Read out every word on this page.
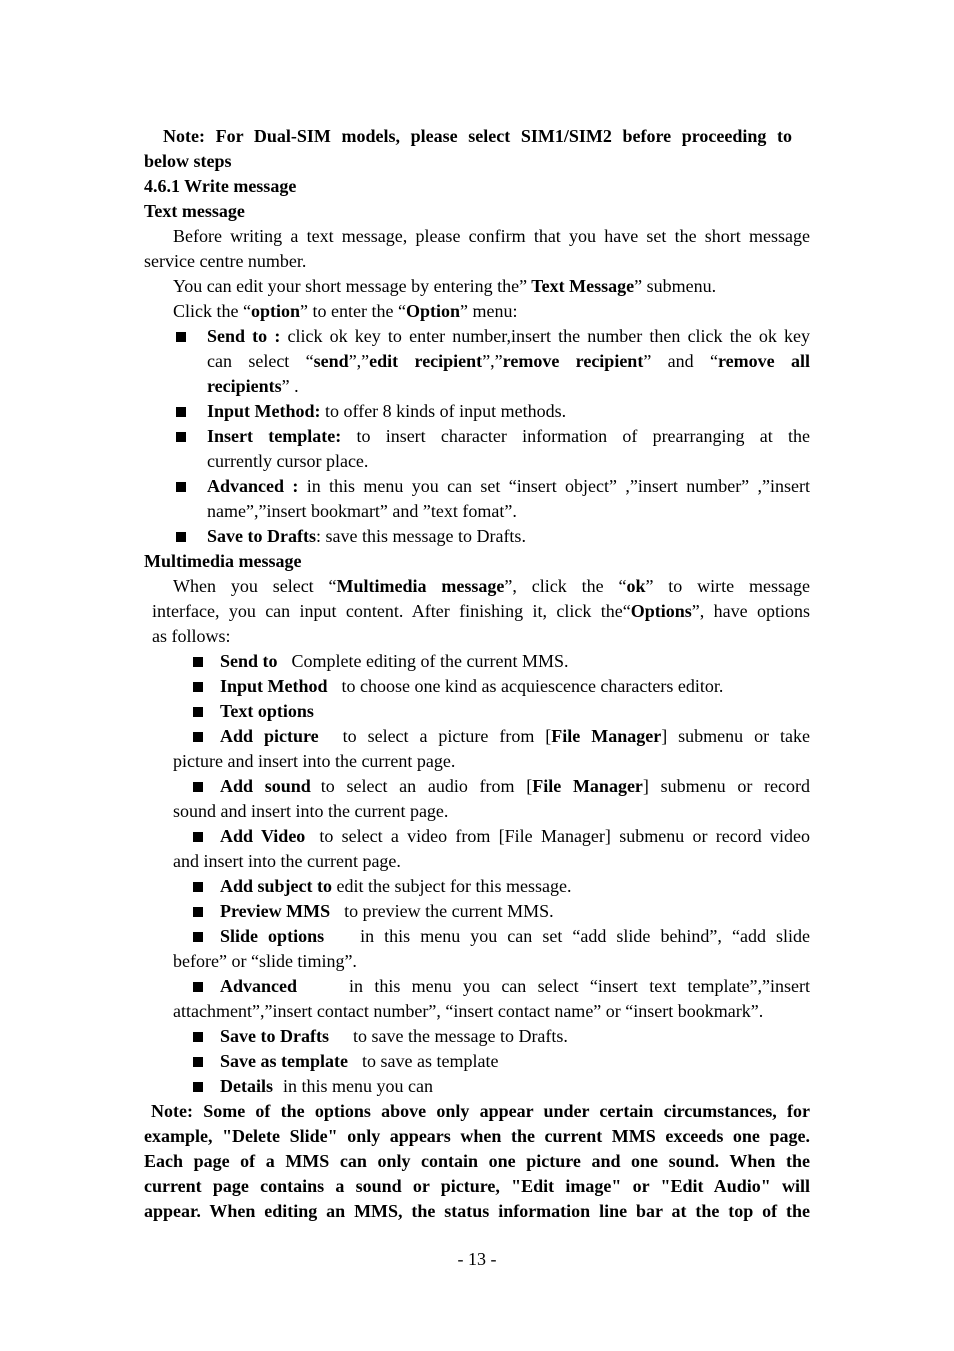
Note: For Dual-SIM models, please select SIM1/SIM2 before proceeding to
below steps
4.6.1 Write message
Text message
Before writing a text message, please confirm that you have set the short message
service centre number.
You can edit your short message by entering the” Text Message” submenu.
Click the “option” to enter the “Option” menu:
Send to : click ok key to enter number,insert the number then click the ok key
can select “send”,”edit recipient”,”remove recipient” and “remove all
recipients” .
Input Method: to offer 8 kinds of input methods.
Insert template: to insert character information of prearranging at the
currently cursor place.
Advanced : in this menu you can set “insert object” ,”insert number” ,”insert
name”,”insert bookmart” and ”text fomat”.
Save to Drafts: save this message to Drafts.
Multimedia message
When you select “Multimedia message”, click the “ok” to wirte message
interface, you can input content. After finishing it, click the“Options”, have options
as follows:
Send to Complete editing of the current MMS.
Input Method to choose one kind as acquiescence characters editor.
Text options
Add picture to select a picture from [File Manager] submenu or take
picture and insert into the current page.
Add sound to select an audio from [File Manager] submenu or record
sound and insert into the current page.
Add Video to select a video from [File Manager] submenu or record video
and insert into the current page.
Add subject to edit the subject for this message.
Preview MMS to preview the current MMS.
Slide options in this menu you can set “add slide behind”, “add slide
before” or “slide timing”.
Advanced	in this menu you can select “insert text template”,”insert
attachment”,”insert contact number”, “insert contact name” or “insert bookmark”.
Save to Drafts to save the message to Drafts.
Save as template to save as template
Details in this menu you can
Note: Some of the options above only appear under certain circumstances, for
example, "Delete Slide" only appears when the current MMS exceeds one page.
Each page of a MMS can only contain one picture and one sound. When the
current page contains a sound or picture, "Edit image" or "Edit Audio" will
appear. When editing an MMS, the status information line bar at the top of the
- 13 -
